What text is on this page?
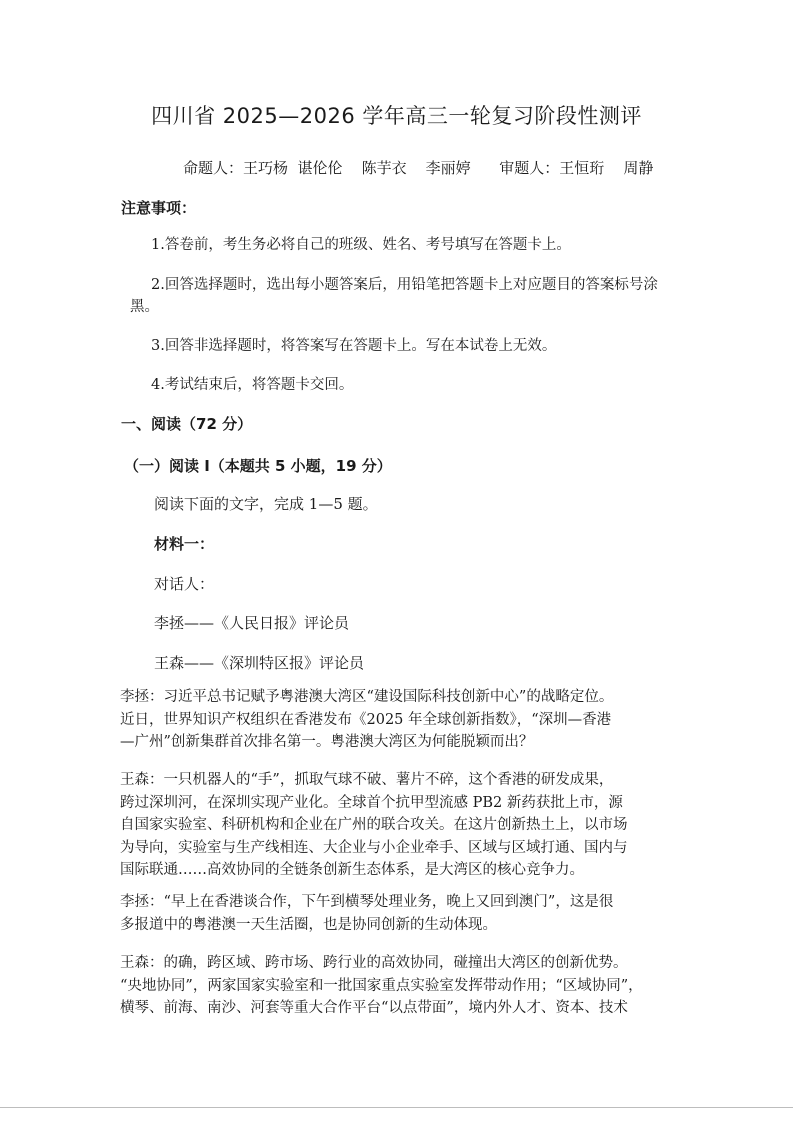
四川省 2025—2026 学年高三一轮复习阶段性测评
命题人：王巧杨  谌伦伦    陈芋衣    李丽婷      审题人：王恒珩    周静
注意事项：
1.答卷前，考生务必将自己的班级、姓名、考号填写在答题卡上。
2.回答选择题时，选出每小题答案后，用铅笔把答题卡上对应题目的答案标号涂黑。
3.回答非选择题时，将答案写在答题卡上。写在本试卷上无效。
4.考试结束后，将答题卡交回。
一、阅读（72 分）
（一）阅读 Ⅰ（本题共 5 小题，19 分）
阅读下面的文字，完成 1—5 题。
材料一：
对话人：
李拯——《人民日报》评论员
王森——《深圳特区报》评论员

李拯：习近平总书记赋予粤港澳大湾区“建设国际科技创新中心”的战略定位。

近日，世界知识产权组织在香港发布《2025 年全球创新指数》，“深圳—香港

—广州”创新集群首次排名第一。粤港澳大湾区为何能脱颖而出？

王森：一只机器人的“手”，抓取气球不破、薯片不碎，这个香港的研发成果，

跨过深圳河，在深圳实现产业化。全球首个抗甲型流感 PB2 新药获批上市，源

自国家实验室、科研机构和企业在广州的联合攻关。在这片创新热土上，以市场

为导向，实验室与生产线相连、大企业与小企业牵手、区域与区域打通、国内与

国际联通……高效协同的全链条创新生态体系，是大湾区的核心竞争力。

李拯：“早上在香港谈合作，下午到横琴处理业务，晚上又回到澳门”，这是很

多报道中的粤港澳一天生活圈，也是协同创新的生动体现。

王森：的确，跨区域、跨市场、跨行业的高效协同，碰撞出大湾区的创新优势。

“央地协同”，两家国家实验室和一批国家重点实验室发挥带动作用；“区域协同”，

横琴、前海、南沙、河套等重大合作平台“以点带面”，境内外人才、资本、技术
